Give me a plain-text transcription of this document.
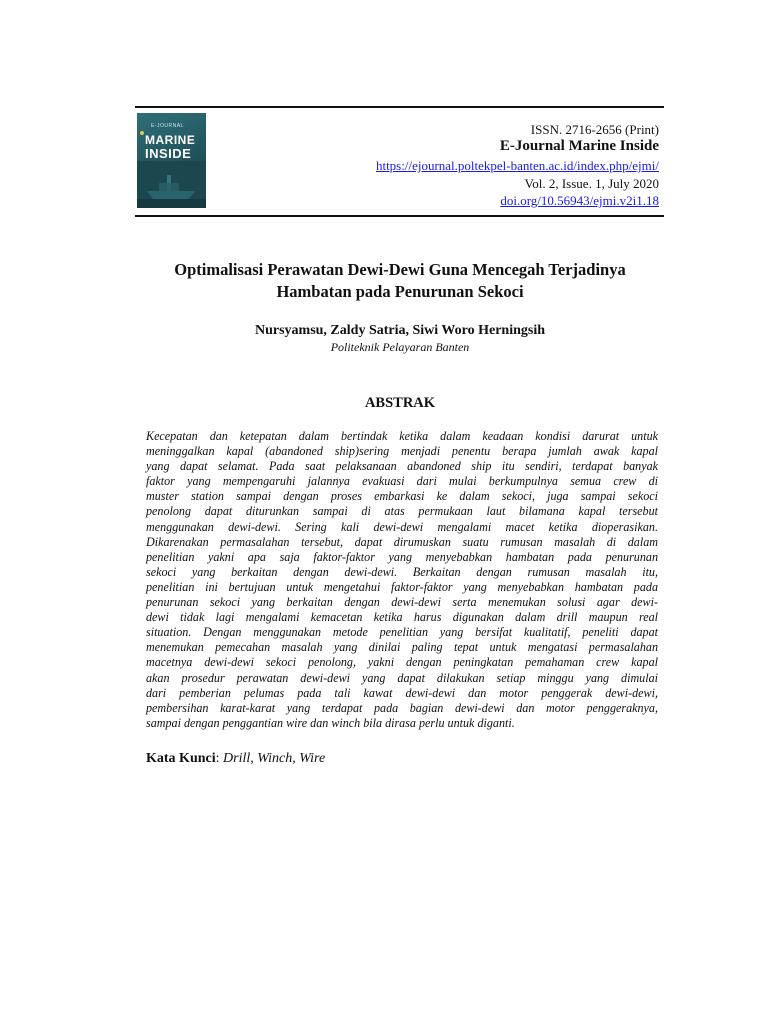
E-JOURNAL
MARINE
INSIDE
ISSN. 2716-2656 (Print)
E-Journal Marine Inside
https://ejournal.poltekpel-banten.ac.id/index.php/ejmi/
Vol. 2, Issue. 1, July 2020
doi.org/10.56943/ejmi.v2i1.18
Optimalisasi Perawatan Dewi-Dewi Guna Mencegah Terjadinya
Hambatan pada Penurunan Sekoci
Nursyamsu, Zaldy Satria, Siwi Woro Herningsih
Politeknik Pelayaran Banten
ABSTRAK
Kecepatan dan ketepatan dalam bertindak ketika dalam keadaan kondisi darurat untuk
meninggalkan kapal (abandoned ship)sering menjadi penentu berapa jumlah awak kapal
yang dapat selamat. Pada saat pelaksanaan abandoned ship itu sendiri, terdapat banyak
faktor yang mempengaruhi jalannya evakuasi dari mulai berkumpulnya semua crew di
muster station sampai dengan proses embarkasi ke dalam sekoci, juga sampai sekoci
penolong dapat diturunkan sampai di atas permukaan laut bilamana kapal tersebut
menggunakan dewi-dewi. Sering kali dewi-dewi mengalami macet ketika dioperasikan.
Dikarenakan permasalahan tersebut, dapat dirumuskan suatu rumusan masalah di dalam
penelitian yakni apa saja faktor-faktor yang menyebabkan hambatan pada penurunan
sekoci yang berkaitan dengan dewi-dewi. Berkaitan dengan rumusan masalah itu,
penelitian ini bertujuan untuk mengetahui faktor-faktor yang menyebabkan hambatan pada
penurunan sekoci yang berkaitan dengan dewi-dewi serta menemukan solusi agar dewi-
dewi tidak lagi mengalami kemacetan ketika harus digunakan dalam drill maupun real
situation. Dengan menggunakan metode penelitian yang bersifat kualitatif, peneliti dapat
menemukan pemecahan masalah yang dinilai paling tepat untuk mengatasi permasalahan
macetnya dewi-dewi sekoci penolong, yakni dengan peningkatan pemahaman crew kapal
akan prosedur perawatan dewi-dewi yang dapat dilakukan setiap minggu yang dimulai
dari pemberian pelumas pada tali kawat dewi-dewi dan motor penggerak dewi-dewi,
pembersihan karat-karat yang terdapat pada bagian dewi-dewi dan motor penggeraknya,
sampai dengan penggantian wire dan winch bila dirasa perlu untuk diganti.
Kata Kunci: Drill, Winch, Wire
